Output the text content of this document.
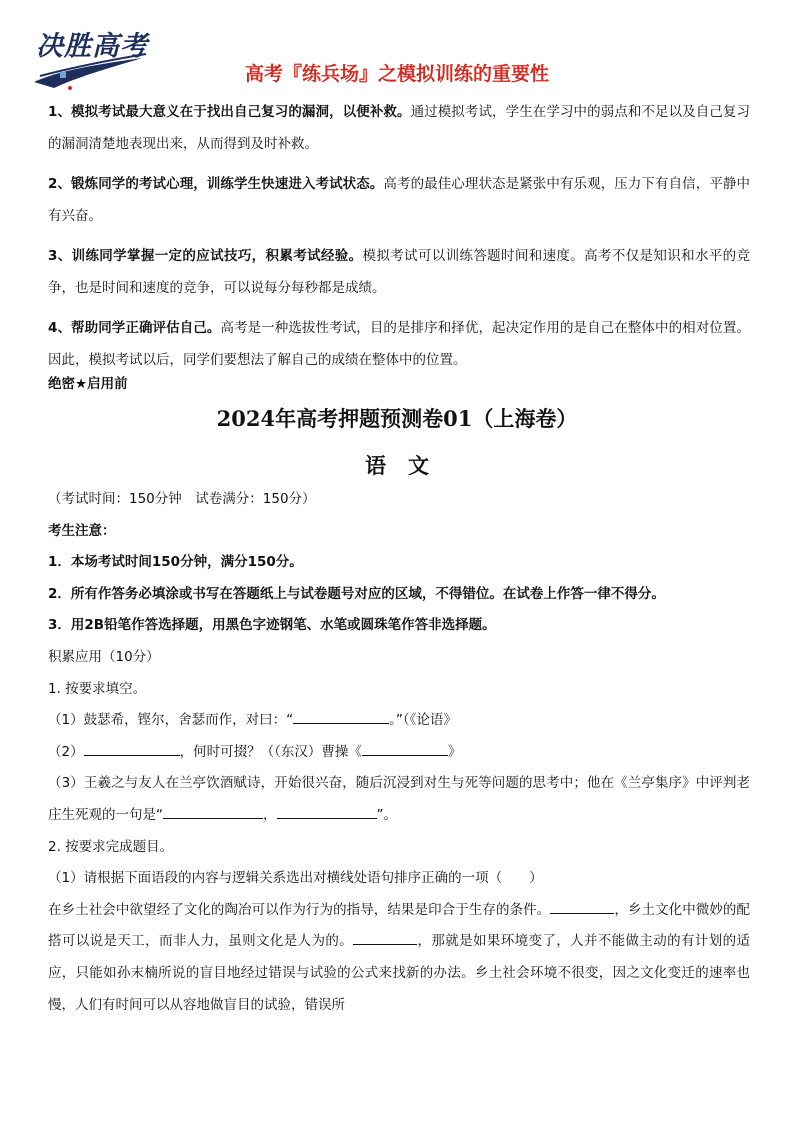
决胜高考
高考『练兵场』之模拟训练的重要性

1、模拟考试最大意义在于找出自己复习的漏洞，以便补救。通过模拟考试，学生在学习中的弱点和不足以及自己复习的漏洞清楚地表现出来，从而得到及时补救。

2、锻炼同学的考试心理，训练学生快速进入考试状态。高考的最佳心理状态是紧张中有乐观，压力下有自信，平静中有兴奋。

3、训练同学掌握一定的应试技巧，积累考试经验。模拟考试可以训练答题时间和速度。高考不仅是知识和水平的竞争，也是时间和速度的竞争，可以说每分每秒都是成绩。

4、帮助同学正确评估自己。高考是一种选拔性考试，目的是排序和择优，起决定作用的是自己在整体中的相对位置。因此，模拟考试以后，同学们要想法了解自己的成绩在整体中的位置。

绝密★启用前

2024年高考押题预测卷01（上海卷）
语文

（考试时间：150分钟　试卷满分：150分）

考生注意：

1．本场考试时间150分钟，满分150分。

2．所有作答务必填涂或书写在答题纸上与试卷题号对应的区域，不得错位。在试卷上作答一律不得分。

3．用2B铅笔作答选择题，用黑色字迹钢笔、水笔或圆珠笔作答非选择题。

积累应用（10分）

1. 按要求填空。

（1）鼓瑟希，铿尔，舍瑟而作，对曰：“	。”（《论语》

（2）	，何时可掇？（（东汉）曹操《	》

（3）王羲之与友人在兰亭饮酒赋诗，开始很兴奋，随后沉浸到对生与死等问题的思考中；他在《兰亭集序》中评判老庄生死观的一句是“	，	”。

2. 按要求完成题目。

（1）请根据下面语段的内容与逻辑关系选出对横线处语句排序正确的一项（　　）

在乡土社会中欲望经了文化的陶冶可以作为行为的指导，结果是印合于生存的条件。	，乡土文化中微妙的配搭可以说是天工，而非人力，虽则文化是人为的。	，那就是如果环境变了，人并不能做主动的有计划的适应，只能如孙末楠所说的盲目地经过错误与试验的公式来找新的办法。乡土社会环境不很变，因之文化变迁的速率也慢，人们有时间可以从容地做盲目的试验，错误所
